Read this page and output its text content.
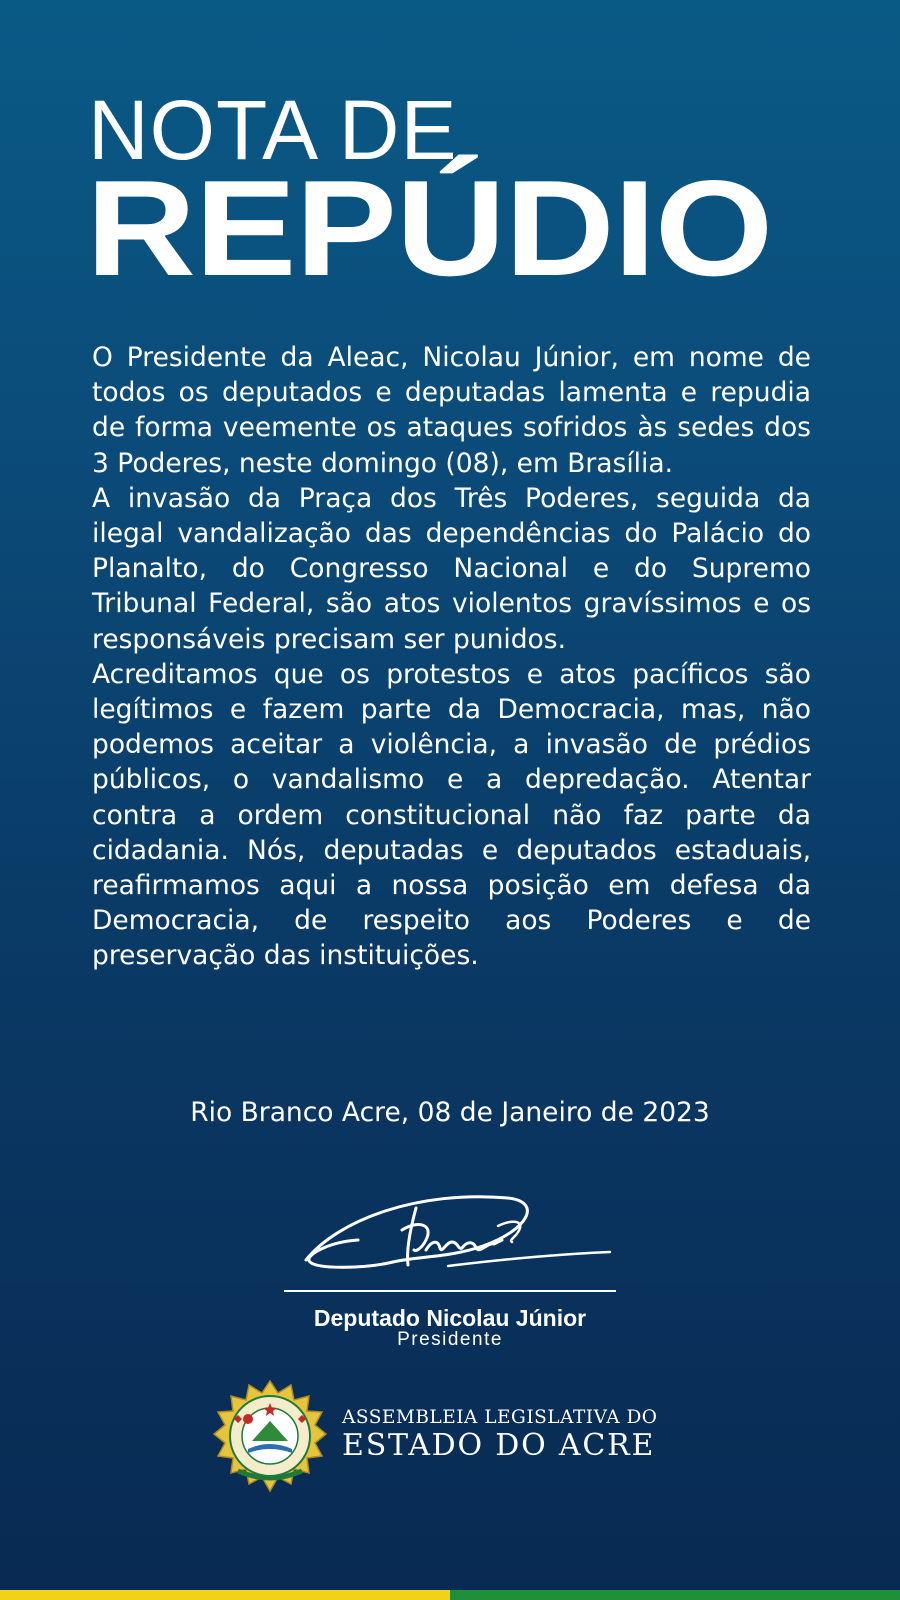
NOTA DE
REPÚDIO

O Presidente da Aleac, Nicolau Júnior, em nome de todos os deputados e deputadas lamenta e repudia de forma veemente os ataques sofridos às sedes dos 3 Poderes, neste domingo (08), em Brasília.

A invasão da Praça dos Três Poderes, seguida da ilegal vandalização das dependências do Palácio do Planalto, do Congresso Nacional e do Supremo Tribunal Federal, são atos violentos gravíssimos e os responsáveis precisam ser punidos.

Acreditamos que os protestos e atos pacíficos são legítimos e fazem parte da Democracia, mas, não podemos aceitar a violência, a invasão de prédios públicos, o vandalismo e a depredação. Atentar contra a ordem constitucional não faz parte da cidadania. Nós, deputadas e deputados estaduais, reafirmamos aqui a nossa posição em defesa da Democracia, de respeito aos Poderes e de preservação das instituições.

Rio Branco Acre, 08 de Janeiro de 2023

Deputado Nicolau Júnior
Presidente
ASSEMBLEIA LEGISLATIVA DO
ESTADO DO ACRE
